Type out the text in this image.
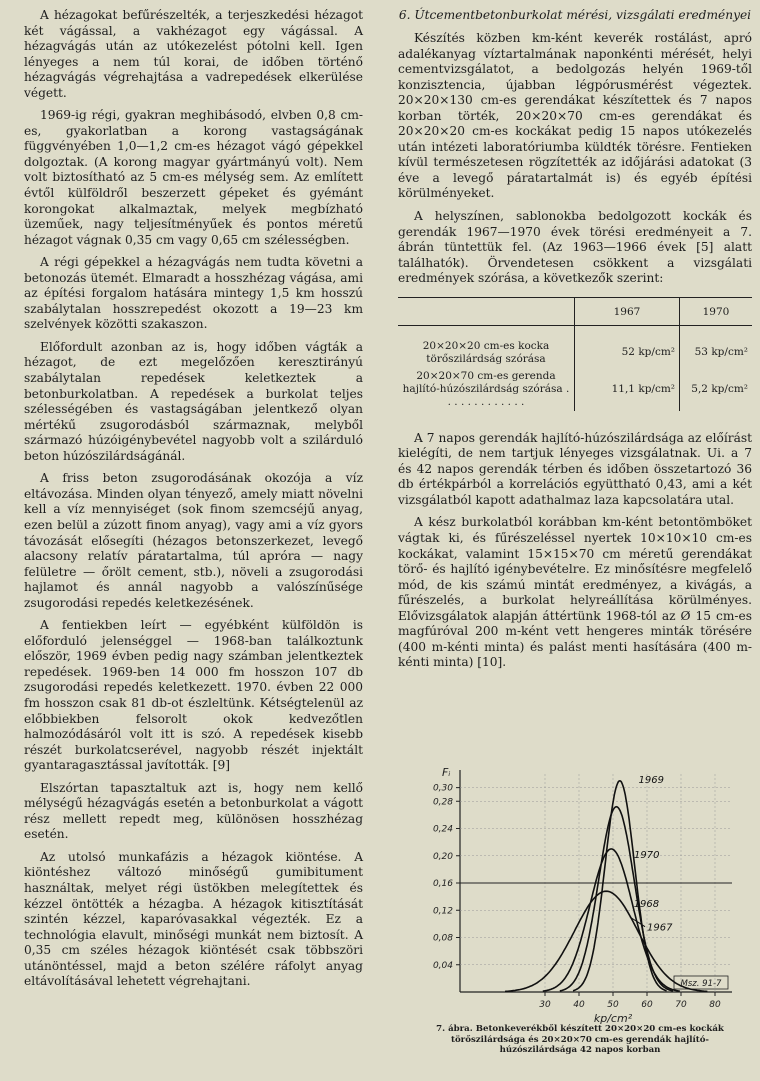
A hézagokat befűrészelték, a terjeszkedési hézagot két vágással, a vakhézagot egy vágással. A hézagvágás után az utókezelést pótolni kell. Igen lényeges a nem túl korai, de időben történő hézagvágás végrehajtása a vadrepedések elkerülése végett.

1969-ig régi, gyakran meghibásodó, elvben 0,8 cm-es, gyakorlatban a korong vastagságának függvényében 1,0—1,2 cm-es hézagot vágó gépekkel dolgoztak. (A korong magyar gyártmányú volt). Nem volt biztosítható az 5 cm-es mélység sem. Az említett évtől külföldről beszerzett gépeket és gyémánt korongokat alkalmaztak, melyek megbízható üzeműek, nagy teljesítményűek és pontos méretű hézagot vágnak 0,35 cm vagy 0,65 cm szélességben.

A régi gépekkel a hézagvágás nem tudta követni a betonozás ütemét. Elmaradt a hosszhézag vágása, ami az építési forgalom hatására mintegy 1,5 km hosszú szabálytalan hosszrepedést okozott a 19—23 km szelvények közötti szakaszon.

Előfordult azonban az is, hogy időben vágták a hézagot, de ezt megelőzően keresztirányú szabálytalan repedések keletkeztek a betonburkolatban. A repedések a burkolat teljes szélességében és vastagságában jelentkező olyan mértékű zsugorodásból származnak, melyből származó húzóigénybevétel nagyobb volt a szilárduló beton húzószilárdságánál.

A friss beton zsugorodásának okozója a víz eltávozása. Minden olyan tényező, amely miatt növelni kell a víz mennyiséget (sok finom szemcséjű anyag, ezen belül a zúzott finom anyag), vagy ami a víz gyors távozását elősegíti (hézagos betonszerkezet, levegő alacsony relatív páratartalma, túl apróra — nagy felületre — őrölt cement, stb.), növeli a zsugorodási hajlamot és annál nagyobb a valószínűsége zsugorodási repedés keletkezésének.

A fentiekben leírt — egyébként külföldön is előforduló jelenséggel — 1968-ban találkoztunk először, 1969 évben pedig nagy számban jelentkeztek repedések. 1969-ben 14 000 fm hosszon 107 db zsugorodási repedés keletkezett. 1970. évben 22 000 fm hosszon csak 81 db-ot észleltünk. Kétségtelenül az előbbiekben felsorolt okok kedvezőtlen halmozódásáról volt itt is szó. A repedések kisebb részét burkolatcserével, nagyobb részét injektált gyantaragasztással javították. [9]

Elszórtan tapasztaltuk azt is, hogy nem kellő mélységű hézagvágás esetén a betonburkolat a vágott rész mellett repedt meg, különösen hosszhézag esetén.

Az utolsó munkafázis a hézagok kiöntése. A kiöntéshez változó minőségű gumibitument használtak, melyet régi üstökben melegítettek és kézzel öntötték a hézagba. A hézagok kitisztítását szintén kézzel, kaparóvasakkal végezték. Ez a technológia elavult, minőségi munkát nem biztosít. A 0,35 cm széles hézagok kiöntését csak többszöri utánöntéssel, majd a beton szélére ráfolyt anyag eltávolításával lehetett végrehajtani.

6. Útcementbetonburkolat mérési, vizsgálati eredményei

Készítés közben km-ként keverék rostálást, apró adalékanyag víztartalmának naponkénti mérését, helyi cementvizsgálatot, a bedolgozás helyén 1969-től konzisztencia, újabban légpórusmérést végeztek. 20×20×130 cm-es gerendákat készítettek és 7 napos korban törték, 20×20×70 cm-es gerendákat és 20×20×20 cm-es kockákat pedig 15 napos utókezelés után intézeti laboratóriumba küldték törésre. Fentieken kívül természetesen rögzítették az időjárási adatokat (3 éve a levegő páratartalmát is) és egyéb építési körülményeket.

A helyszínen, sablonokba bedolgozott kockák és gerendák 1967—1970 évek törési eredményeit a 7. ábrán tüntettük fel. (Az 1963—1966 évek [5] alatt találhatók). Örvendetesen csökkent a vizsgálati eredmények szórása, a következők szerint:

	1967	1970
20×20×20 cm-es kocka törőszilárdság szórása	52 kp/cm²	53 kp/cm²
20×20×70 cm-es gerenda hajlító-húzószilárdság szórása . . . . . . . . . . . . .	11,1 kp/cm²	5,2 kp/cm²

A 7 napos gerendák hajlító-húzószilárdsága az előírást kielégíti, de nem tartjuk lényeges vizsgálatnak. Ui. a 7 és 42 napos gerendák térben és időben összetartozó 36 db értékpárból a korrelációs együttható 0,43, ami a két vizsgálatból kapott adathalmaz laza kapcsolatára utal.

A kész burkolatból korábban km-ként betontömböket vágtak ki, és fűrészeléssel nyertek 10×10×10 cm-es kockákat, valamint 15×15×70 cm méretű gerendákat törő- és hajlító igénybevételre. Ez minősítésre megfelelő mód, de kis számú mintát eredményez, a kivágás, a fűrészelés, a burkolat helyreállítása körülményes. Elővizsgálatok alapján áttértünk 1968-tól az Ø 15 cm-es magfúróval 200 m-ként vett hengeres minták törésére (400 m-kénti minta) és palást menti hasítására (400 m-kénti minta) [10].

0,30
0,28
0,24
0,20
0,16
0,12
0,08
0,04
30	40	50	60	70	80
Fᵢ
kp/cm²
Msz. 91-7
1969
1970
1968
1967
7. ábra. Betonkeverékből készített 20×20×20 cm-es kockák törőszilárdsága és 20×20×70 cm-es gerendák hajlító-húzószilárdsága 42 napos korban
